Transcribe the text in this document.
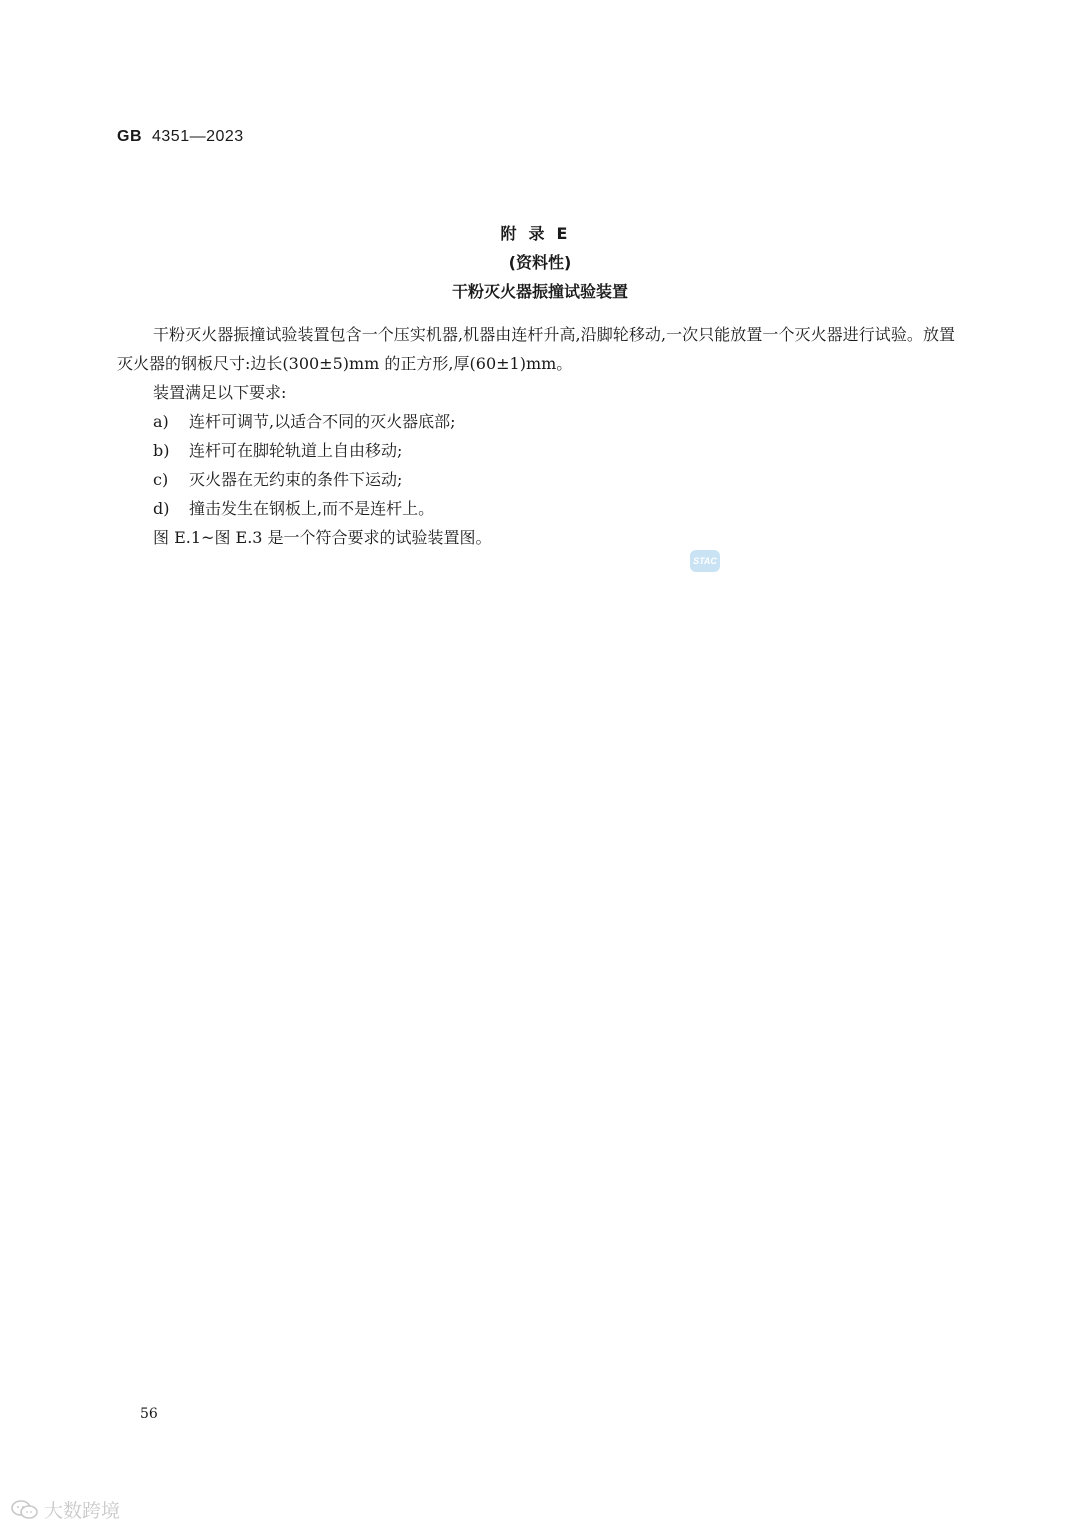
GB 4351—2023
附录E
(资料性)
干粉灭火器振撞试验装置

干粉灭火器振撞试验装置包含一个压实机器,机器由连杆升高,沿脚轮移动,一次只能放置一个灭火器进行试验。放置灭火器的钢板尺寸:边长(300±5)mm 的正方形,厚(60±1)mm。

装置满足以下要求:

a) 连杆可调节,以适合不同的灭火器底部;

b) 连杆可在脚轮轨道上自由移动;

c) 灭火器在无约束的条件下运动;

d) 撞击发生在钢板上,而不是连杆上。

图 E.1~图 E.3 是一个符合要求的试验装置图。

STAC
56
大数跨境
